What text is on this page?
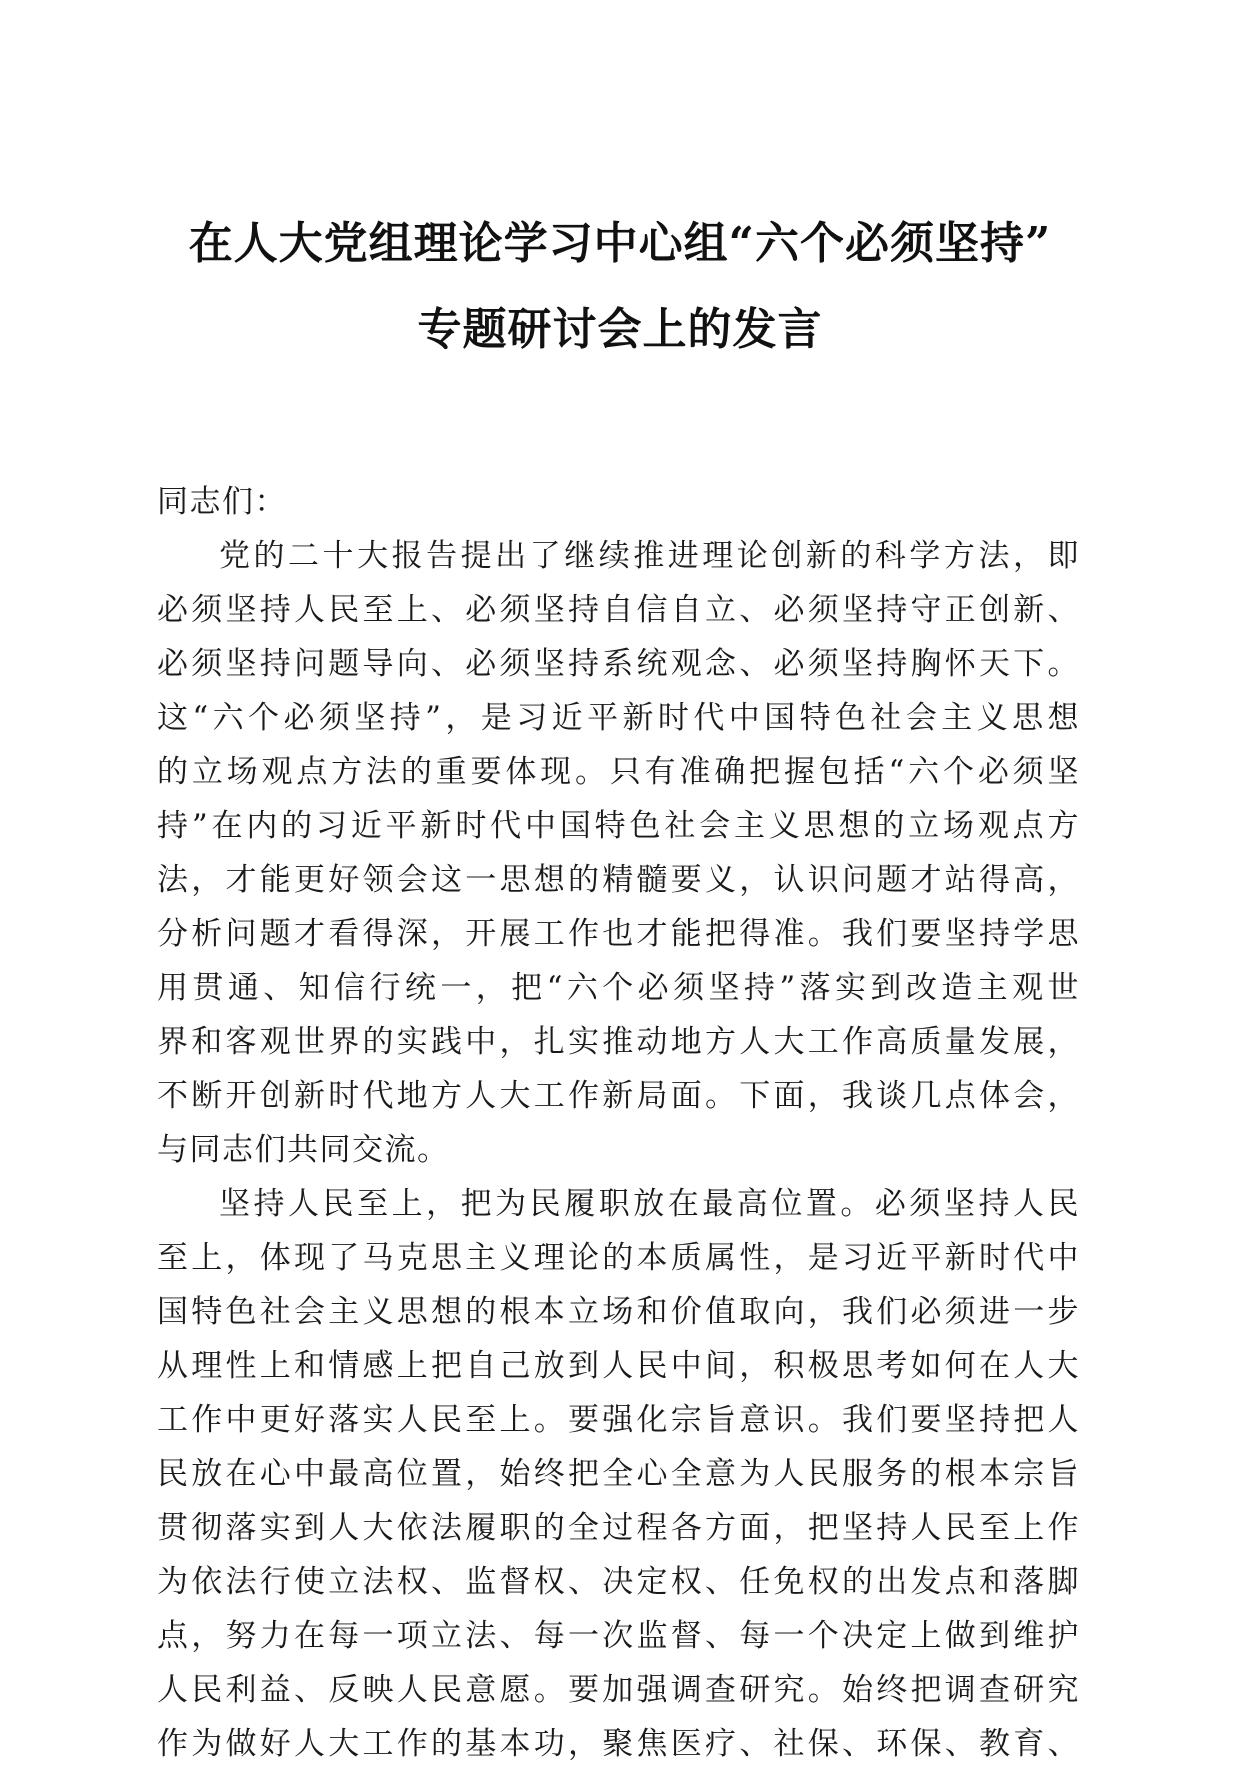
在人大党组理论学习中心组“六个必须坚持”
专题研讨会上的发言

同志们：

党的二十大报告提出了继续推进理论创新的科学方法，即
必须坚持人民至上、必须坚持自信自立、必须坚持守正创新、
必须坚持问题导向、必须坚持系统观念、必须坚持胸怀天下。
这“六个必须坚持”，是习近平新时代中国特色社会主义思想
的立场观点方法的重要体现。只有准确把握包括“六个必须坚
持”在内的习近平新时代中国特色社会主义思想的立场观点方
法，才能更好领会这一思想的精髓要义，认识问题才站得高，
分析问题才看得深，开展工作也才能把得准。我们要坚持学思
用贯通、知信行统一，把“六个必须坚持”落实到改造主观世
界和客观世界的实践中，扎实推动地方人大工作高质量发展，
不断开创新时代地方人大工作新局面。下面，我谈几点体会，
与同志们共同交流。
坚持人民至上，把为民履职放在最高位置。必须坚持人民
至上，体现了马克思主义理论的本质属性，是习近平新时代中
国特色社会主义思想的根本立场和价值取向，我们必须进一步
从理性上和情感上把自己放到人民中间，积极思考如何在人大
工作中更好落实人民至上。要强化宗旨意识。我们要坚持把人
民放在心中最高位置，始终把全心全意为人民服务的根本宗旨
贯彻落实到人大依法履职的全过程各方面，把坚持人民至上作
为依法行使立法权、监督权、决定权、任免权的出发点和落脚
点，努力在每一项立法、每一次监督、每一个决定上做到维护
人民利益、反映人民意愿。要加强调查研究。始终把调查研究
作为做好人大工作的基本功，聚焦医疗、社保、环保、教育、
